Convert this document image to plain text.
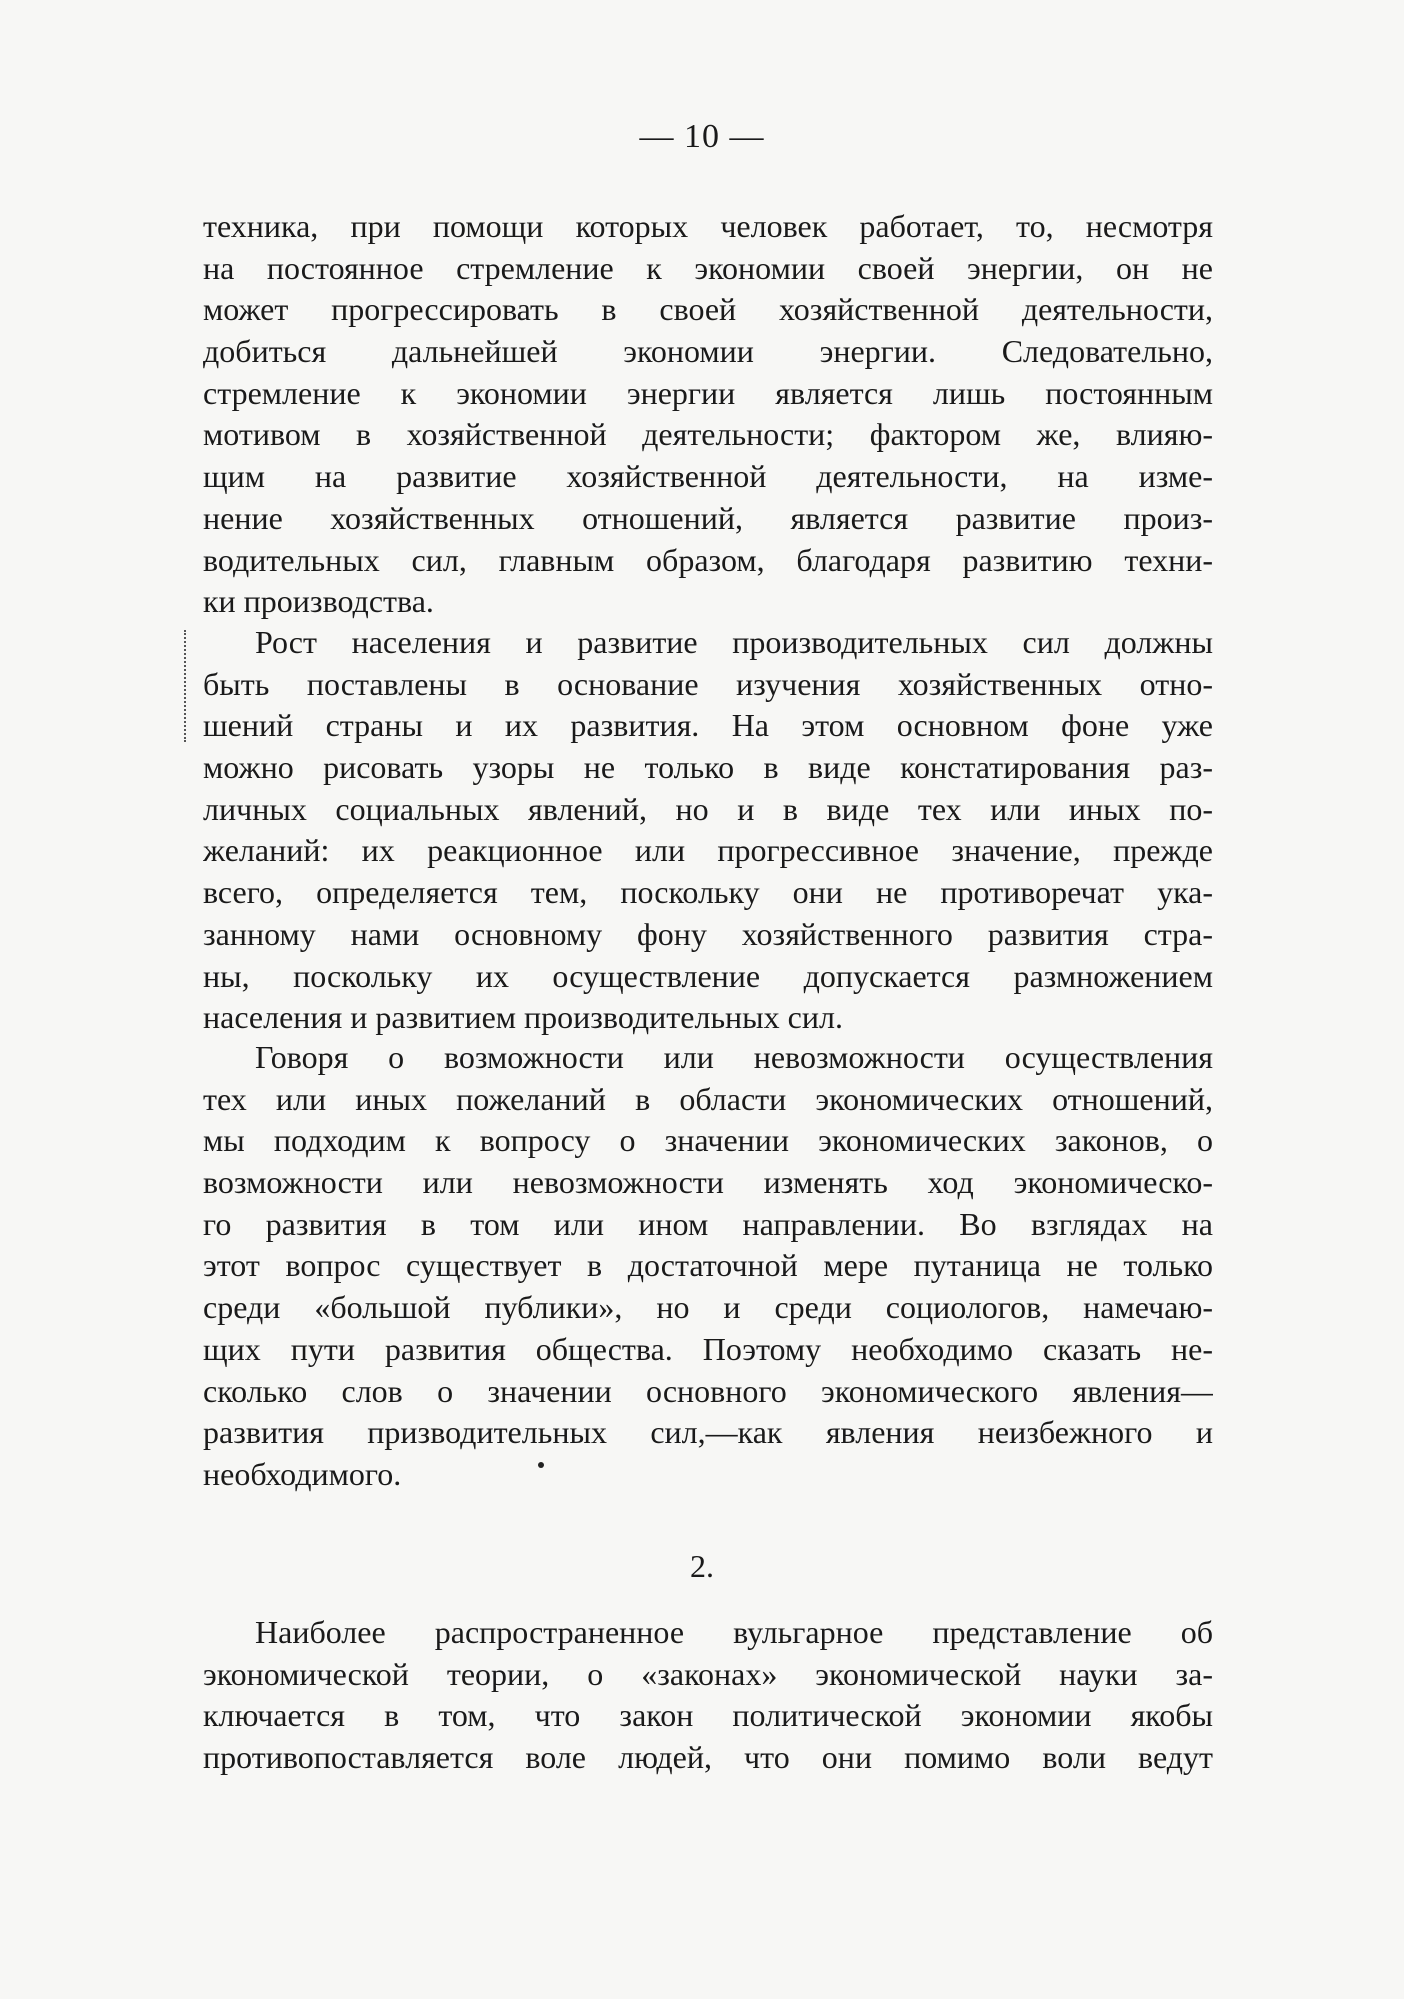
— 10 —
техника, при помощи которых человек работает, то, несмотря
на постоянное стремление к экономии своей энергии, он не
может прогрессировать в своей хозяйственной деятельности,
добиться дальнейшей экономии энергии. Следовательно,
стремление к экономии энергии является лишь постоянным
мотивом в хозяйственной деятельности; фактором же, влияю-
щим на развитие хозяйственной деятельности, на изме-
нение хозяйственных отношений, является развитие произ-
водительных сил, главным образом, благодаря развитию техни-
ки производства.
Рост населения и развитие производительных сил должны
быть поставлены в основание изучения хозяйственных отно-
шений страны и их развития. На этом основном фоне уже
можно рисовать узоры не только в виде констатирования раз-
личных социальных явлений, но и в виде тех или иных по-
желаний: их реакционное или прогрессивное значение, прежде
всего, определяется тем, поскольку они не противоречат ука-
занному нами основному фону хозяйственного развития стра-
ны, поскольку их осуществление допускается размножением
населения и развитием производительных сил.
Говоря о возможности или невозможности осуществления
тех или иных пожеланий в области экономических отношений,
мы подходим к вопросу о значении экономических законов, о
возможности или невозможности изменять ход экономическо-
го развития в том или ином направлении. Во взглядах на
этот вопрос существует в достаточной мере путаница не только
среди «большой публики», но и среди социологов, намечаю-
щих пути развития общества. Поэтому необходимо сказать не-
сколько слов о значении основного экономического явления—
развития призводительных сил,—как явления неизбежного и
необходимого.
2.
Наиболее распространенное вульгарное представление об
экономической теории, о «законах» экономической науки за-
ключается в том, что закон политической экономии якобы
противопоставляется воле людей, что они помимо воли ведут
